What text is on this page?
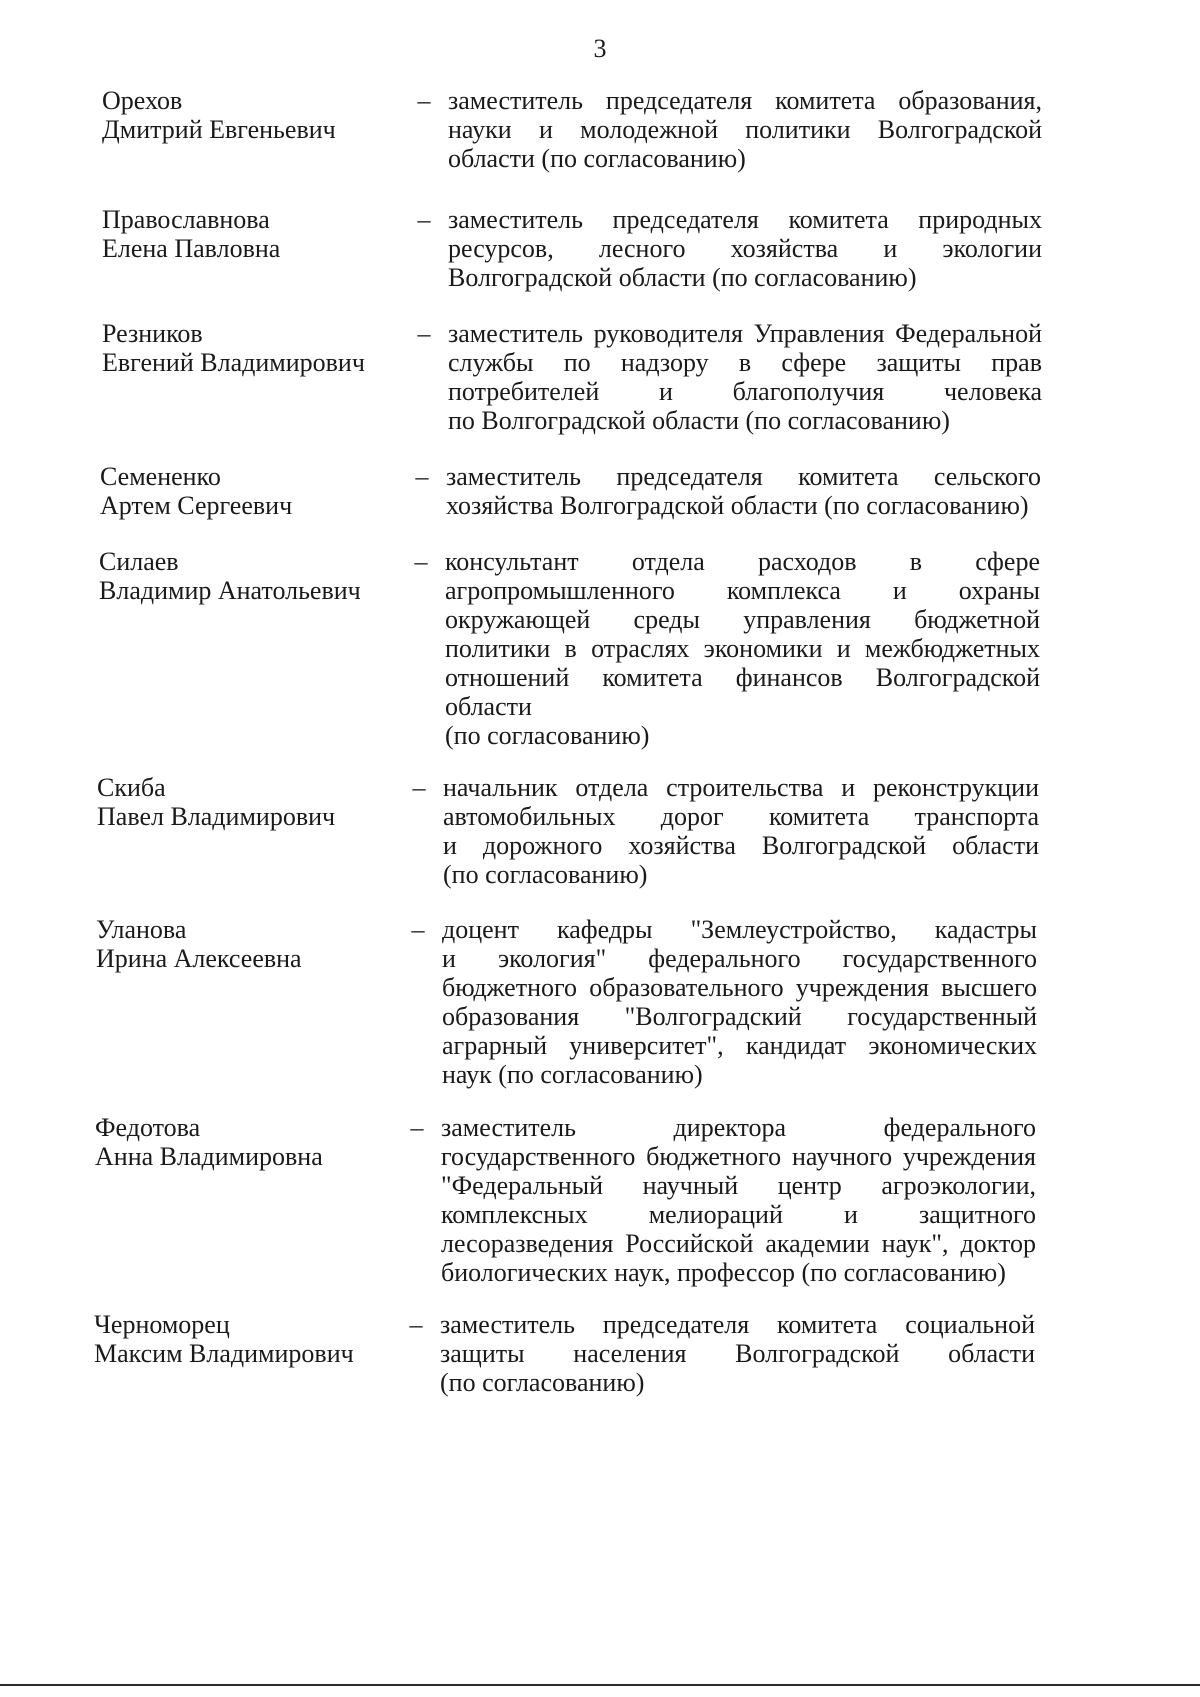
3
Орехов
Дмитрий Евгеньевич
– заместитель председателя комитета образования,
науки и молодежной политики Волгоградской
области (по согласованию)
Православнова
Елена Павловна
– заместитель председателя комитета природных
ресурсов, лесного хозяйства и экологии
Волгоградской области (по согласованию)
Резников
Евгений Владимирович
– заместитель руководителя Управления Федеральной
службы по надзору в сфере защиты прав
потребителей и благополучия человека
по Волгоградской области (по согласованию)
Семененко
Артем Сергеевич
– заместитель председателя комитета сельского
хозяйства Волгоградской области (по согласованию)
Силаев
Владимир Анатольевич
– консультант отдела расходов в сфере
агропромышленного комплекса и охраны
окружающей среды управления бюджетной
политики в отраслях экономики и межбюджетных
отношений комитета финансов Волгоградской
области
(по согласованию)
Скиба
Павел Владимирович
– начальник отдела строительства и реконструкции
автомобильных дорог комитета транспорта
и дорожного хозяйства Волгоградской области
(по согласованию)
Уланова
Ирина Алексеевна
– доцент кафедры "Землеустройство, кадастры
и экология" федерального государственного
бюджетного образовательного учреждения высшего
образования "Волгоградский государственный
аграрный университет", кандидат экономических
наук (по согласованию)
Федотова
Анна Владимировна
– заместитель директора федерального
государственного бюджетного научного учреждения
"Федеральный научный центр агроэкологии,
комплексных мелиораций и защитного
лесоразведения Российской академии наук", доктор
биологических наук, профессор (по согласованию)
Черноморец
Максим Владимирович
– заместитель председателя комитета социальной
защиты населения Волгоградской области
(по согласованию)
